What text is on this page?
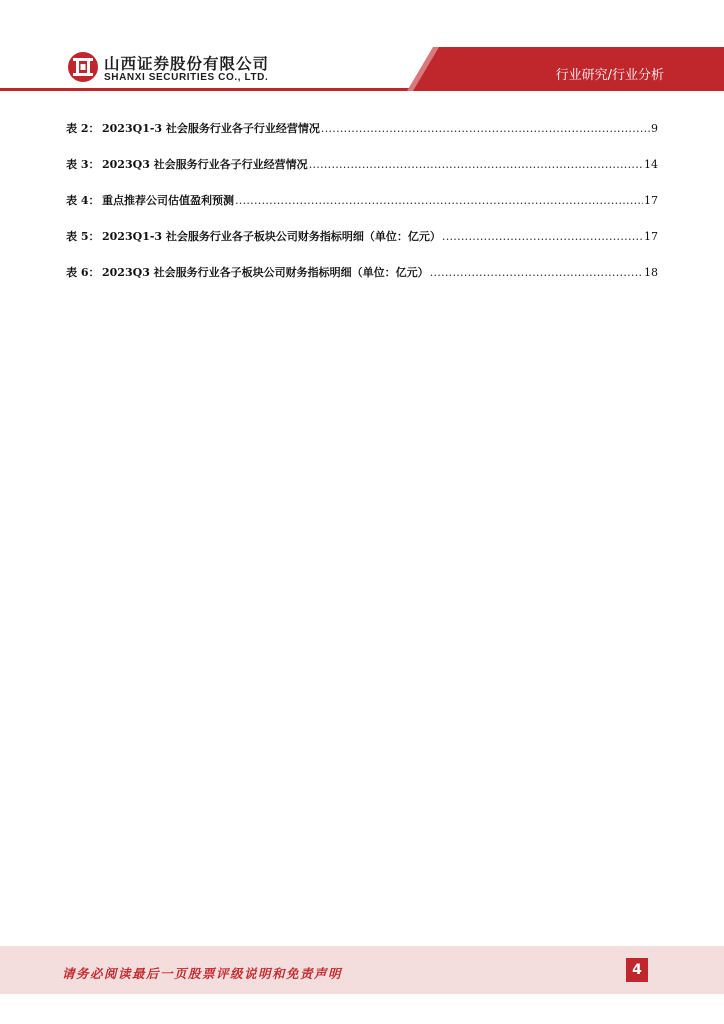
山西证券股份有限公司
SHANXI SECURITIES CO., LTD.	行业研究/行业分析
表 2： 2023Q1-3 社会服务行业各子行业经营情况 .....	9
表 3： 2023Q3 社会服务行业各子行业经营情况 .....	14
表 4： 重点推荐公司估值盈利预测 .....	17
表 5： 2023Q1-3 社会服务行业各子板块公司财务指标明细（单位：亿元） .....	17
表 6： 2023Q3 社会服务行业各子板块公司财务指标明细（单位：亿元） .....	18
请务必阅读最后一页股票评级说明和免责声明	4
